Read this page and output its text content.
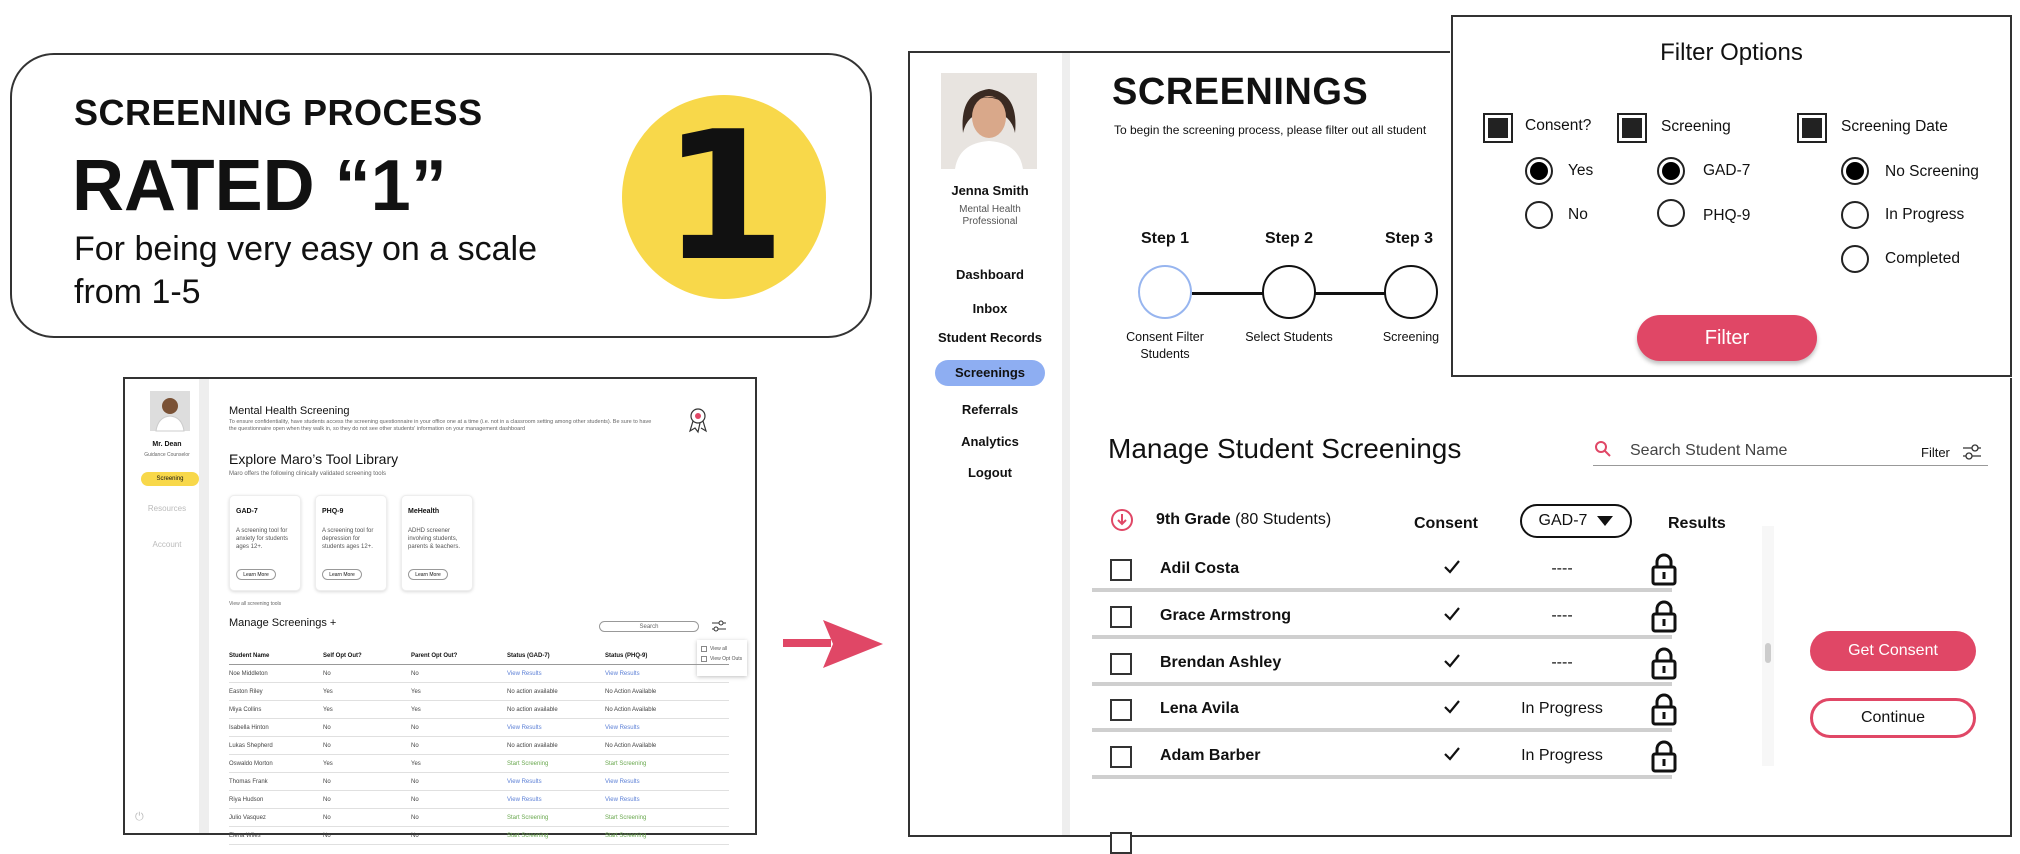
SCREENING PROCESS
RATED “1”
For being very easy on a scale from 1-5	1
Mr. Dean
Guidance Counselor
Screening
Resources
Account
⏻
Mental Health Screening
To ensure confidentiality, have students access the screening questionnaire in your office one at a time (i.e. not in a classroom setting among other students). Be sure to have the questionnaire open when they walk in, so they do not see other students' information on your management dashboard
Explore Maro’s Tool Library
Maro offers the following clinically validated screening tools
GAD-7
A screening tool for anxiety for students ages 12+.
Learn More
PHQ-9
A screening tool for depression for students ages 12+.
Learn More
MeHealth
ADHD screener involving students, parents & teachers.
Learn More
View all screening tools
Manage Screenings +	Search
View all
View Opt Outs
Student Name	Self Opt Out?	Parent Opt Out?	Status (GAD-7)	Status (PHQ-9)
Noe Middleton	No	No	View Results	View Results
Easton Riley	Yes	Yes	No action available	No Action Available
Miya Collins	Yes	Yes	No action available	No Action Available
Isabella Hinton	No	No	View Results	View Results
Lukas Shepherd	No	No	No action available	No Action Available
Oswaldo Morton	Yes	Yes	Start Screening	Start Screening
Thomas Frank	No	No	View Results	View Results
Riya Hudson	No	No	View Results	View Results
Julio Vasquez	No	No	Start Screening	Start Screening
Elena Wiles	No	No	Start Screening	Start Screening
Jenna Smith
Mental Health Professional
Dashboard
Inbox
Student Records
Screenings
Referrals
Analytics
Logout
SCREENINGS
To begin the screening process, please filter out all student
Step 1	Step 2	Step 3
Consent Filter Students
Select Students	Screening
Manage Student Screenings	Search Student Name	Filter
9th Grade (80 Students)	Consent	GAD-7	Results
Adil Costa	----
Grace Armstrong	----
Brendan Ashley	----
Lena Avila	In Progress
Adam Barber	In Progress
Get Consent
Continue
Filter Options
Consent?
Yes
No
Screening
GAD-7
PHQ-9
Screening Date
No Screening
In Progress
Completed
Filter
